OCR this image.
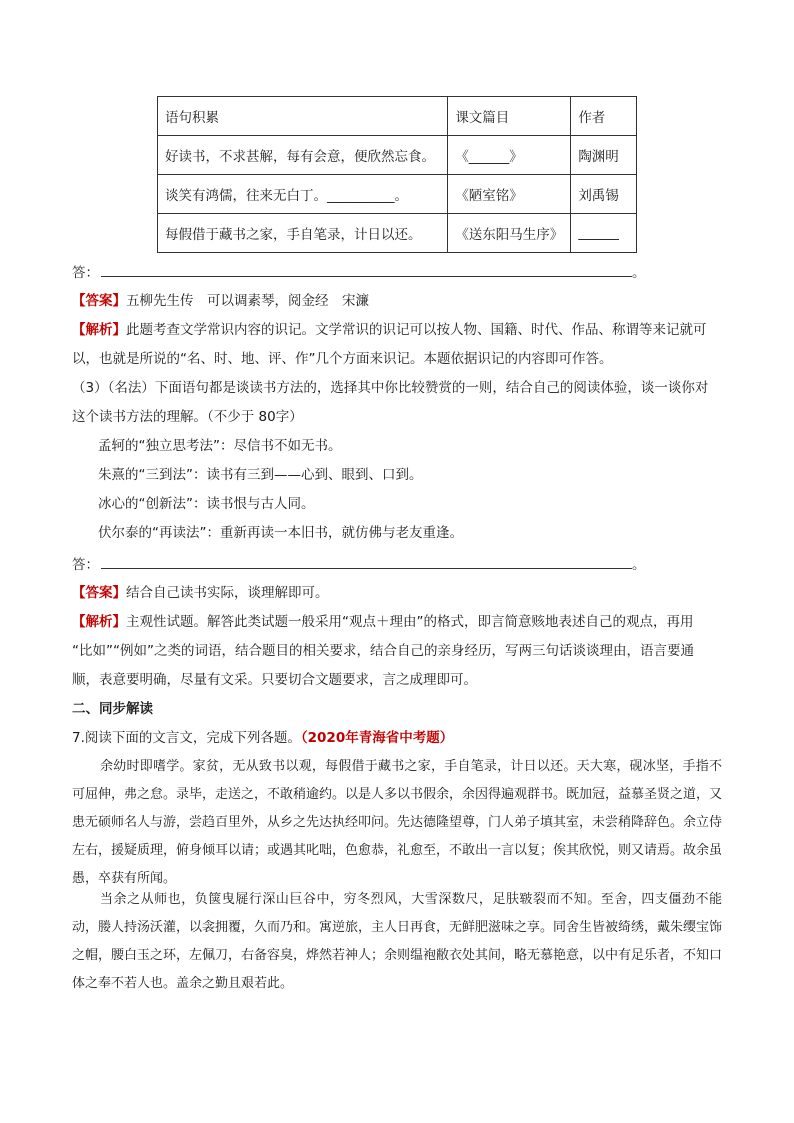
语句积累	课文篇目	作者
好读书，不求甚解，每有会意，便欣然忘食。	《______》	陶渊明
谈笑有鸿儒，往来无白丁。__________。	《陋室铭》	刘禹锡
每假借于藏书之家，手自笔录，计日以还。	《送东阳马生序》	______
答：	。
【答案】五柳先生传　可以调素琴，阅金经　宋濂
【解析】此题考查文学常识内容的识记。文学常识的识记可以按人物、国籍、时代、作品、称谓等来记就可
以，也就是所说的“名、时、地、评、作”几个方面来识记。本题依据识记的内容即可作答。
（3）（名法）下面语句都是谈读书方法的，选择其中你比较赞赏的一则，结合自己的阅读体验，谈一谈你对
这个读书方法的理解。（不少于 80字）
孟轲的“独立思考法”：尽信书不如无书。
朱熹的“三到法”：读书有三到——心到、眼到、口到。
冰心的“创新法”：读书恨与古人同。
伏尔泰的“再读法”：重新再读一本旧书，就仿佛与老友重逢。
答：	。
【答案】结合自己读书实际，谈理解即可。
【解析】主观性试题。解答此类试题一般采用“观点＋理由”的格式，即言简意赅地表述自己的观点，再用
“比如”“例如”之类的词语，结合题目的相关要求，结合自己的亲身经历，写两三句话谈谈理由，语言要通
顺，表意要明确，尽量有文采。只要切合文题要求，言之成理即可。
二、同步解读
7.阅读下面的文言文，完成下列各题。（2020年青海省中考题）
余幼时即嗜学。家贫，无从致书以观，每假借于藏书之家，手自笔录，计日以还。天大寒，砚冰坚，手指不可屈伸，弗之怠。录毕，走送之，不敢稍逾约。以是人多以书假余，余因得遍观群书。既加冠，益慕圣贤之道，又患无硕师名人与游，尝趋百里外，从乡之先达执经叩问。先达德隆望尊，门人弟子填其室，未尝稍降辞色。余立侍左右，援疑质理，俯身倾耳以请；或遇其叱咄，色愈恭，礼愈至，不敢出一言以复；俟其欣悦，则又请焉。故余虽愚，卒获有所闻。
当余之从师也，负箧曳屣行深山巨谷中，穷冬烈风，大雪深数尺，足肤皲裂而不知。至舍，四支僵劲不能动，媵人持汤沃灌，以衾拥覆，久而乃和。寓逆旅，主人日再食，无鲜肥滋味之享。同舍生皆被绮绣，戴朱缨宝饰之帽，腰白玉之环，左佩刀，右备容臭，烨然若神人；余则缊袍敝衣处其间，略无慕艳意，以中有足乐者，不知口体之奉不若人也。盖余之勤且艰若此。
